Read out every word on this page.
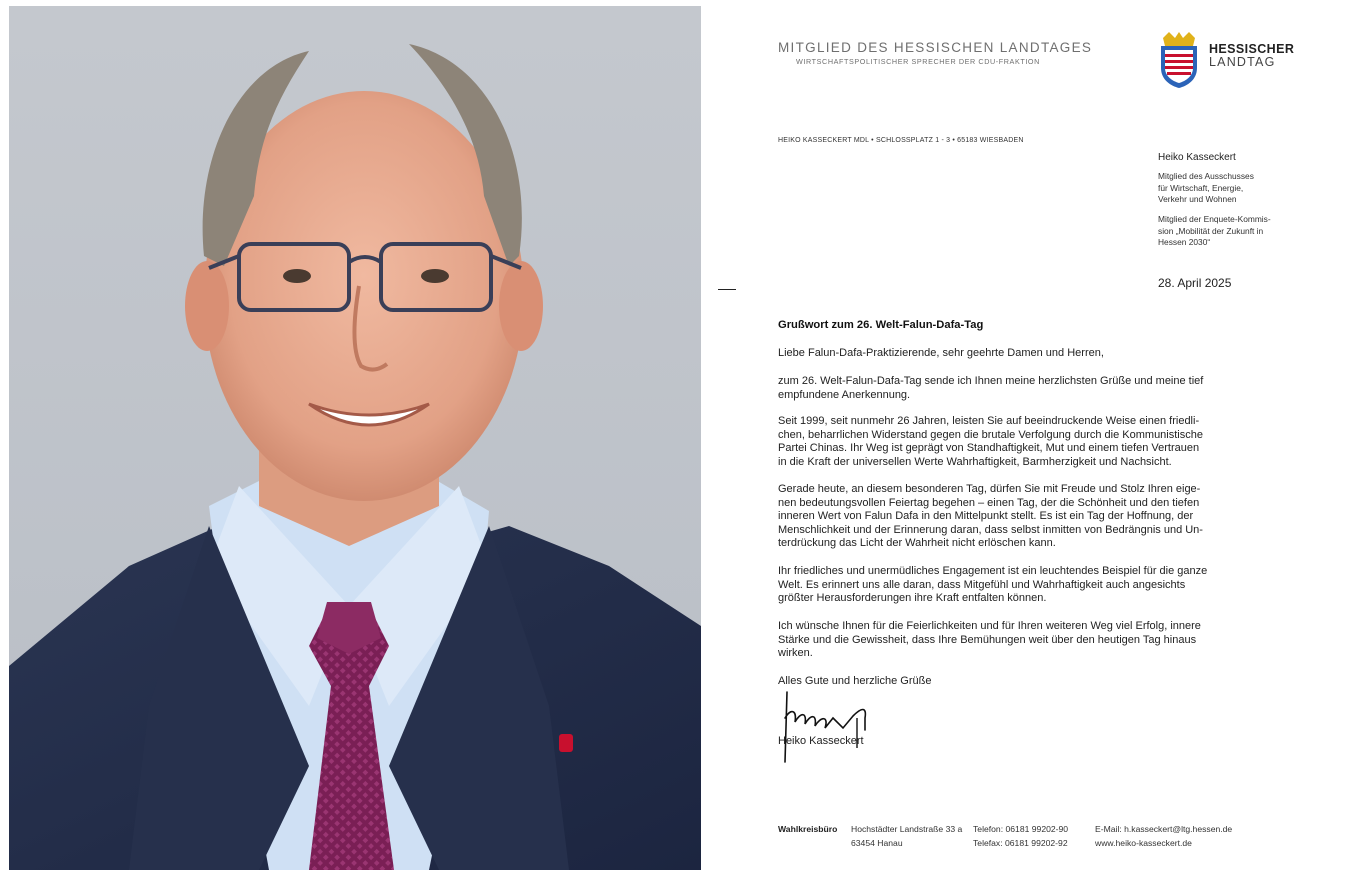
MITGLIED DES HESSISCHEN LANDTAGES
WIRTSCHAFTSPOLITISCHER SPRECHER DER CDU-FRAKTION
HESSISCHER
LANDTAG
HEIKO KASSECKERT MDL • SCHLOSSPLATZ 1 - 3 • 65183 WIESBADEN
Heiko Kasseckert
Mitglied des Ausschusses
für Wirtschaft, Energie,
Verkehr und Wohnen
Mitglied der Enquete-Kommis-
sion „Mobilität der Zukunft in
Hessen 2030“
28. April 2025
Grußwort zum 26. Welt-Falun-Dafa-Tag
Liebe Falun-Dafa-Praktizierende, sehr geehrte Damen und Herren,
zum 26. Welt-Falun-Dafa-Tag sende ich Ihnen meine herzlichsten Grüße und meine tief
empfundene Anerkennung.
Seit 1999, seit nunmehr 26 Jahren, leisten Sie auf beeindruckende Weise einen friedli-
chen, beharrlichen Widerstand gegen die brutale Verfolgung durch die Kommunistische
Partei Chinas. Ihr Weg ist geprägt von Standhaftigkeit, Mut und einem tiefen Vertrauen
in die Kraft der universellen Werte Wahrhaftigkeit, Barmherzigkeit und Nachsicht.
Gerade heute, an diesem besonderen Tag, dürfen Sie mit Freude und Stolz Ihren eige-
nen bedeutungsvollen Feiertag begehen – einen Tag, der die Schönheit und den tiefen
inneren Wert von Falun Dafa in den Mittelpunkt stellt. Es ist ein Tag der Hoffnung, der
Menschlichkeit und der Erinnerung daran, dass selbst inmitten von Bedrängnis und Un-
terdrückung das Licht der Wahrheit nicht erlöschen kann.
Ihr friedliches und unermüdliches Engagement ist ein leuchtendes Beispiel für die ganze
Welt. Es erinnert uns alle daran, dass Mitgefühl und Wahrhaftigkeit auch angesichts
größter Herausforderungen ihre Kraft entfalten können.
Ich wünsche Ihnen für die Feierlichkeiten und für Ihren weiteren Weg viel Erfolg, innere
Stärke und die Gewissheit, dass Ihre Bemühungen weit über den heutigen Tag hinaus
wirken.
Alles Gute und herzliche Grüße
Heiko Kasseckert
Wahlkreisbüro Hochstädter Landstraße 33 a
63454 Hanau
Telefon: 06181 99202-90
Telefax: 06181 99202-92
E-Mail: h.kasseckert@ltg.hessen.de
www.heiko-kasseckert.de
